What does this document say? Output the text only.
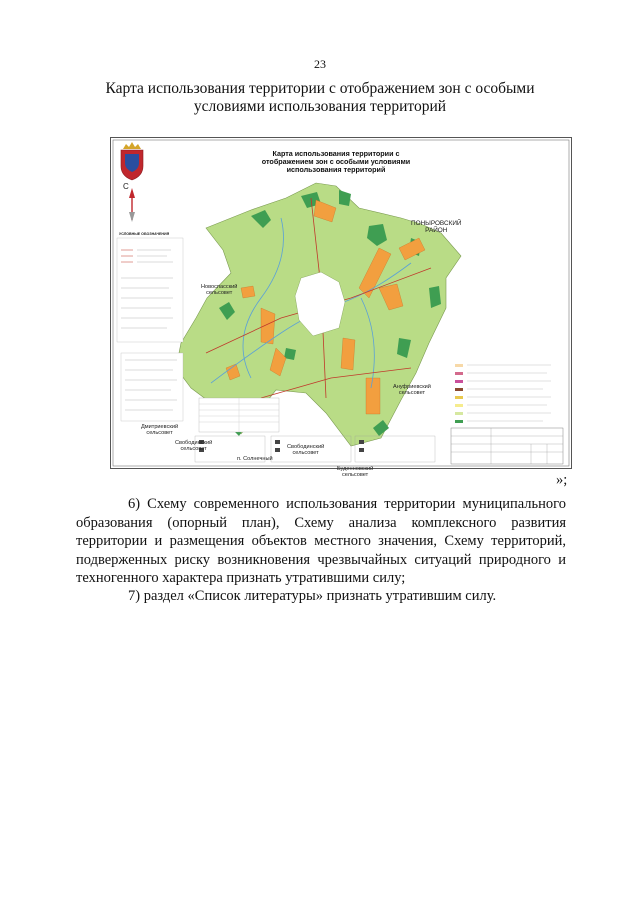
23
Карта использования территории с отображением зон с особыми условиями использования территорий
Карта использования территории с отображением зон с особыми условиями использования территорий
УСЛОВНЫЕ ОБОЗНАЧЕНИЯ
С
ПОНЫРОВСКИЙ
РАЙОН
Новоспасский
сельсовет
Ануфриевский
сельсовет
Дмитриевский
сельсовет
Свободинский
сельсовет
п. Солнечный
Свободинский
сельсовет
Буденновский
сельсовет	»;
6) Схему современного использования территории муниципального образования (опорный план), Схему анализа комплексного развития территории и размещения объектов местного значения, Схему территорий, подверженных риску возникновения чрезвычайных ситуаций природного и техногенного характера признать утратившими силу;
7) раздел «Список литературы» признать утратившим силу.
